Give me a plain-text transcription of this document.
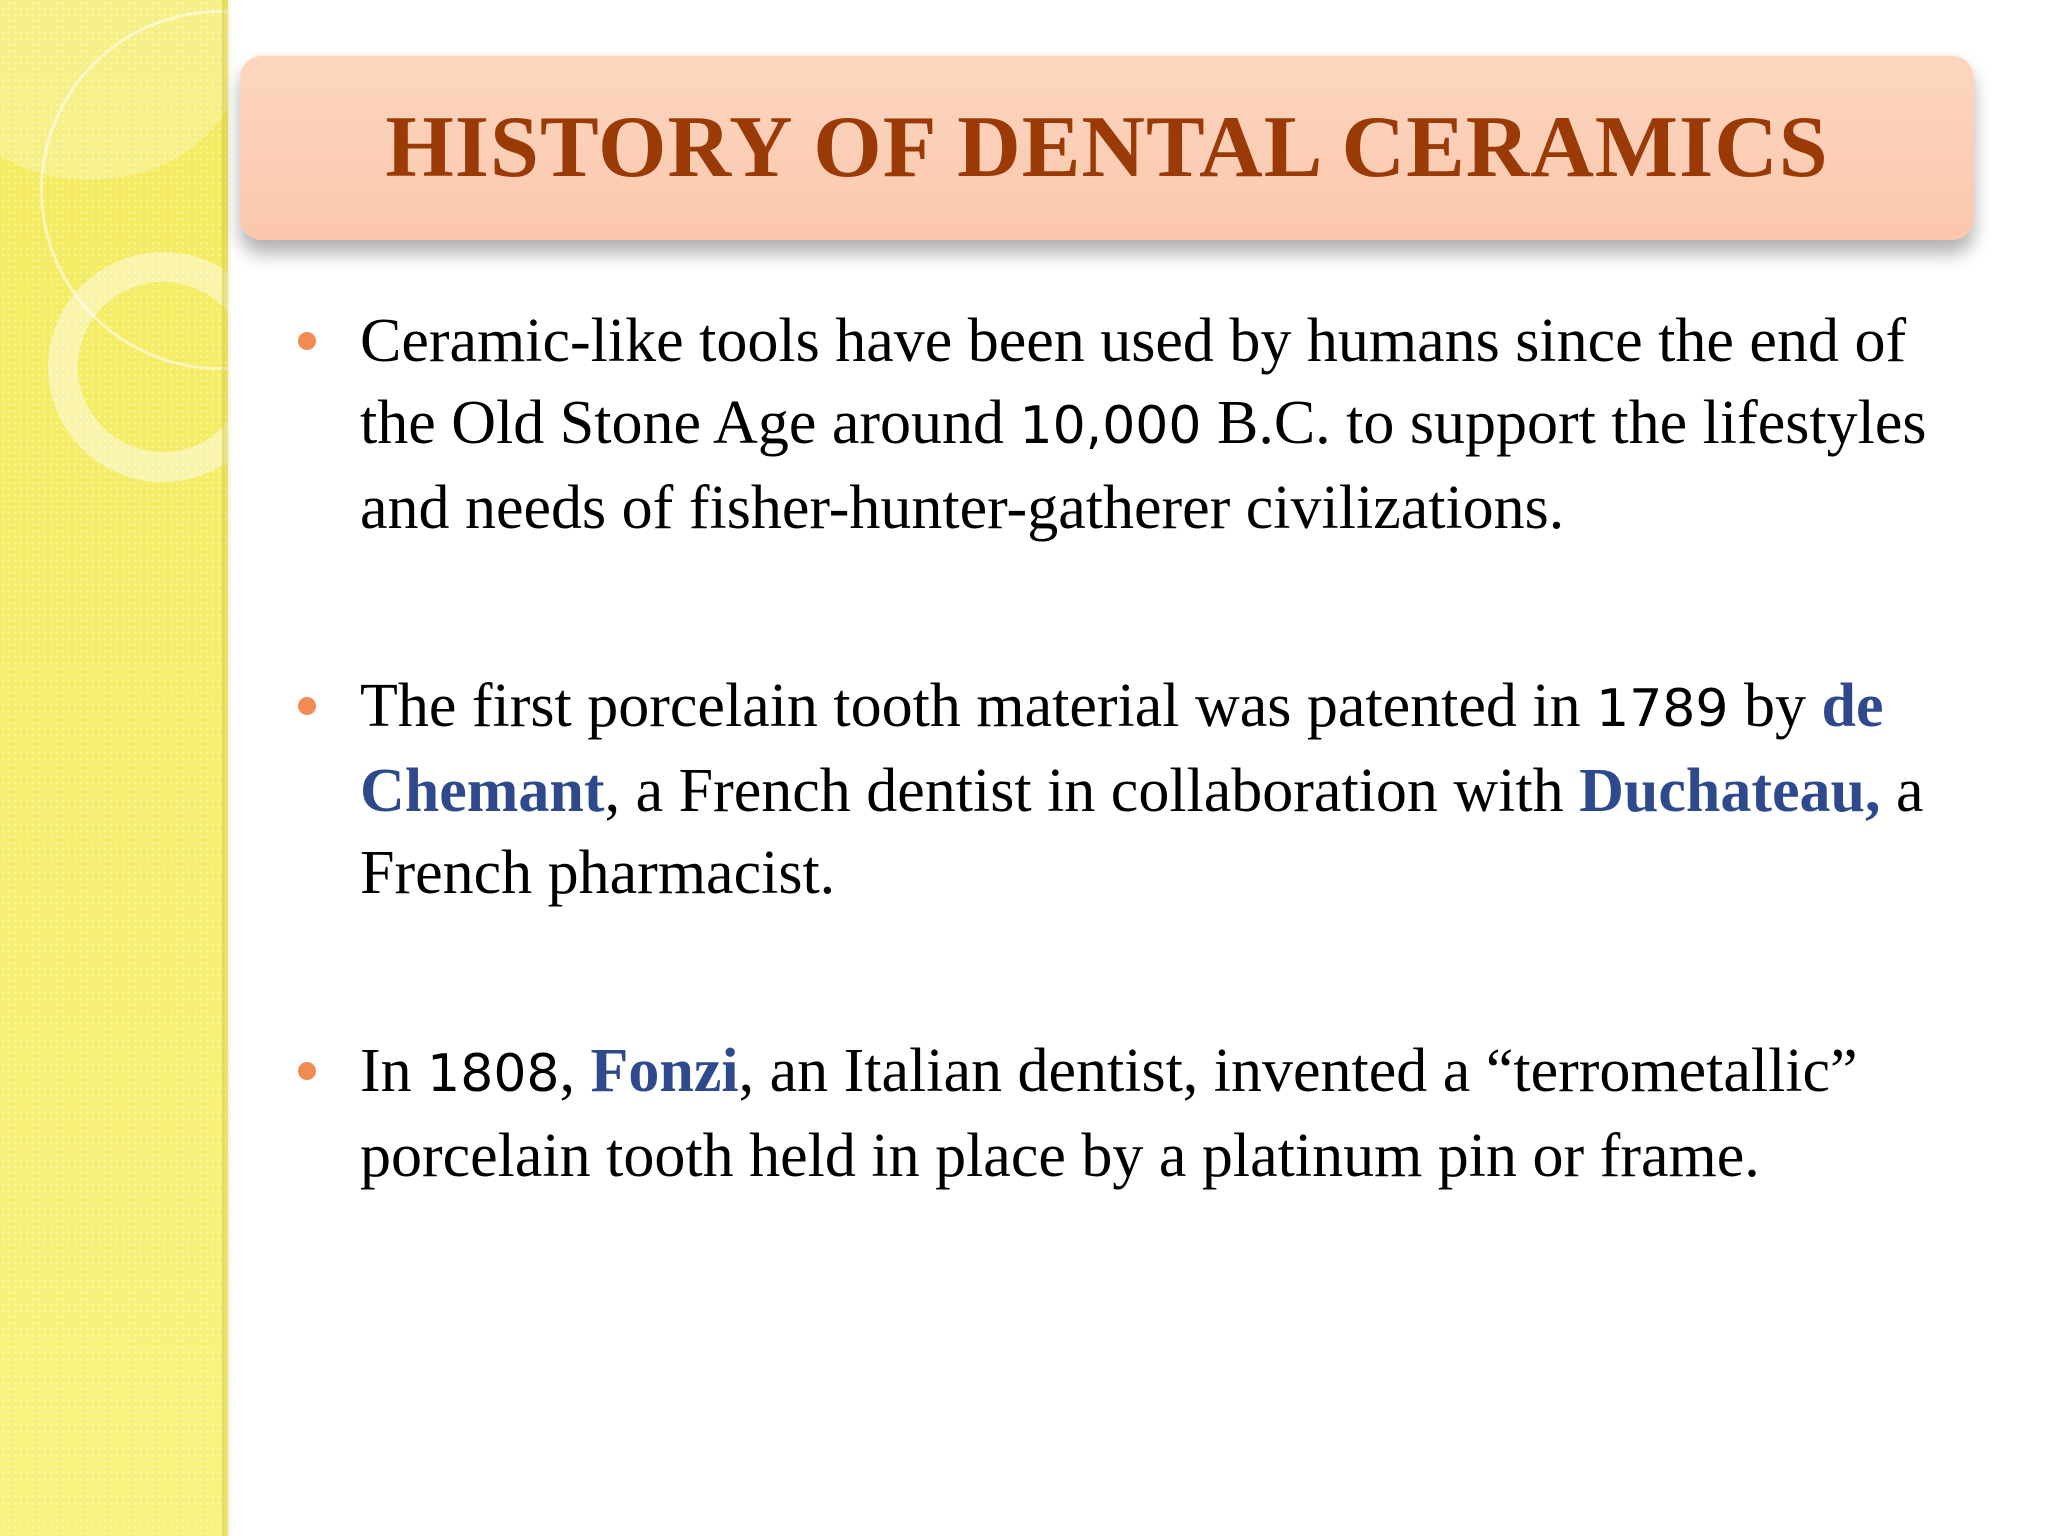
HISTORY OF DENTAL CERAMICS
Ceramic-like tools have been used by humans since the end of the Old Stone Age around 10,000 B.C. to support the lifestyles and needs of fisher-hunter-gatherer civilizations.
The first porcelain tooth material was patented in 1789 by de Chemant, a French dentist in collaboration with Duchateau, a French pharmacist.
In 1808, Fonzi, an Italian dentist, invented a “terrometallic” porcelain tooth held in place by a platinum pin or frame.
